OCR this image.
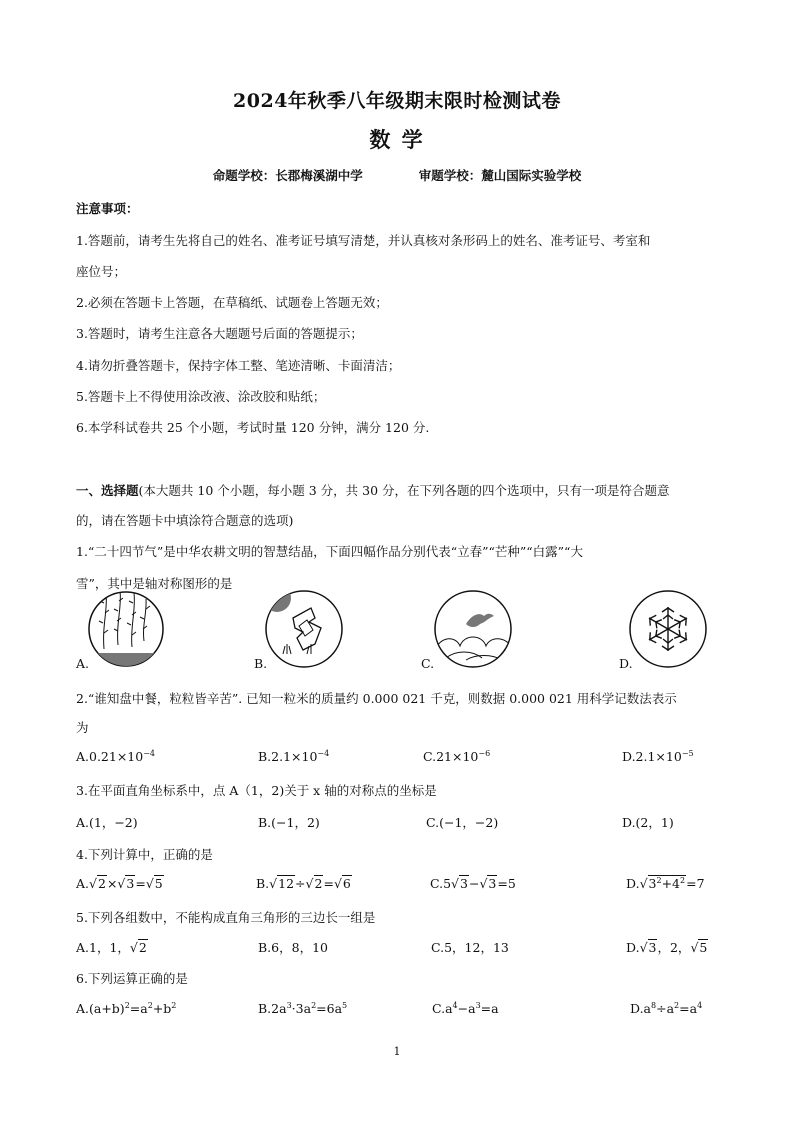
2024年秋季八年级期末限时检测试卷
数 学
命题学校：长郡梅溪湖中学	审题学校：麓山国际实验学校
注意事项：
1.答题前，请考生先将自己的姓名、准考证号填写清楚，并认真核对条形码上的姓名、准考证号、考室和
座位号；
2.必须在答题卡上答题，在草稿纸、试题卷上答题无效；
3.答题时，请考生注意各大题题号后面的答题提示；
4.请勿折叠答题卡，保持字体工整、笔迹清晰、卡面清洁；
5.答题卡上不得使用涂改液、涂改胶和贴纸；
6.本学科试卷共 25 个小题，考试时量 120 分钟，满分 120 分.
一、选择题(本大题共 10 个小题，每小题 3 分，共 30 分，在下列各题的四个选项中，只有一项是符合题意
的，请在答题卡中填涂符合题意的选项)
1.“二十四节气”是中华农耕文明的智慧结晶，下面四幅作品分别代表“立春”“芒种”“白露”“大
雪”，其中是轴对称图形的是
A.	B.	C.	D.
2.“谁知盘中餐，粒粒皆辛苦”. 已知一粒米的质量约 0.000 021 千克，则数据 0.000 021 用科学记数法表示
为
$A.0.21\times 10^{-4}$	$B.2.1\times 10^{-4}$	$C.21\times 10^{-6}$	$D.2.1\times 10^{-5}$
3.在平面直角坐标系中，点 A（1，2)关于 x 轴的对称点的坐标是
A.(1，−2)	B.(−1，2)	C.(−1，−2)	D.(2，1)
4.下列计算中，正确的是
A.√2×√3=√5	B.√12÷√2=√6	C.5√3−√3=5	$D.√3^2+4^2=7$
5.下列各组数中，不能构成直角三角形的三边长一组是
A.1，1，√2	B.6，8，10	C.5，12，13	D.√3，2，√5
6.下列运算正确的是
$A.(a+b)^2=a^2+b^2$	$B.2a^3\cdot 3a^2=6a^5$	$C.a^4-a^3=a$	$D.a^8\div a^2=a^4$
1
